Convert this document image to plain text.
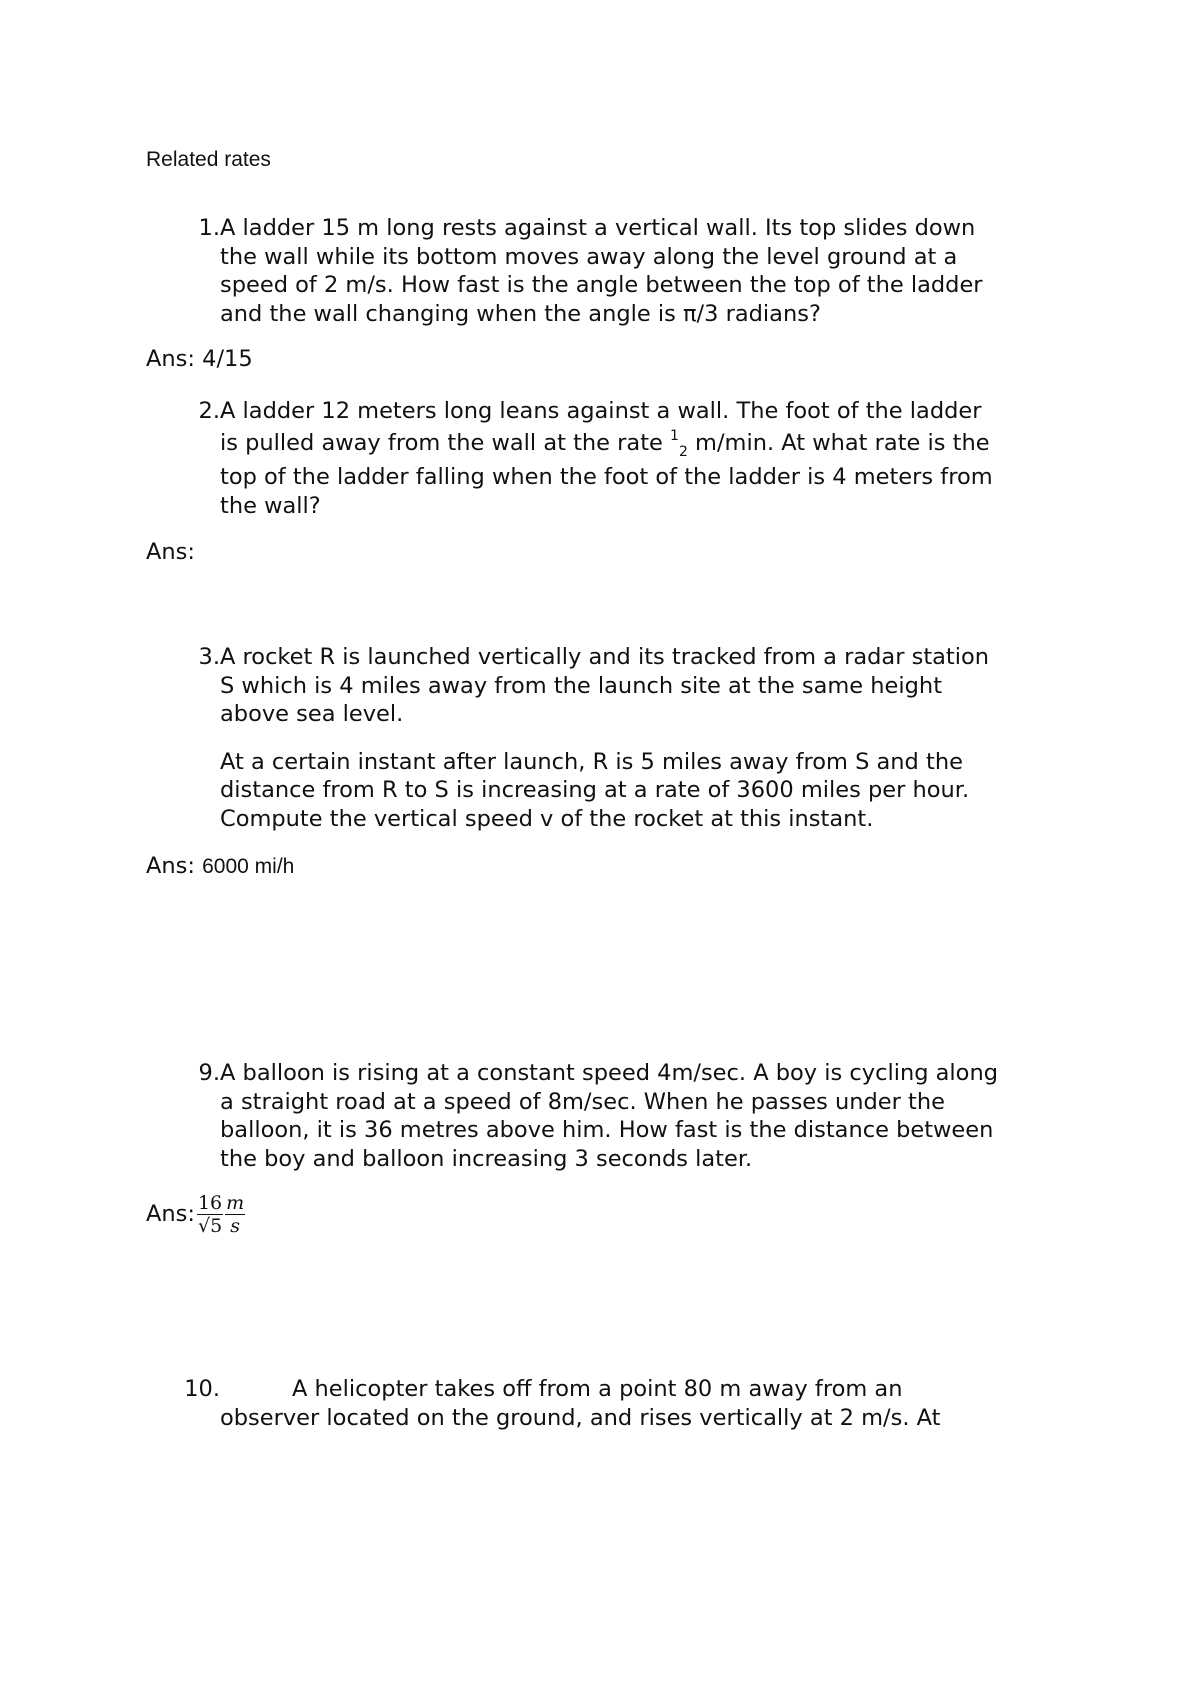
Related rates
1. A ladder 15 m long rests against a vertical wall. Its top slides down
the wall while its bottom moves away along the level ground at a
speed of 2 m/s. How fast is the angle between the top of the ladder
and the wall changing when the angle is π/3 radians?
Ans: 4/15
2. A ladder 12 meters long leans against a wall. The foot of the ladder
is pulled away from the wall at the rate $^1_2$ m/min. At what rate is the
top of the ladder falling when the foot of the ladder is 4 meters from
the wall?
Ans:
3. A rocket R is launched vertically and its tracked from a radar station
S which is 4 miles away from the launch site at the same height
above sea level.
At a certain instant after launch, R is 5 miles away from S and the
distance from R to S is increasing at a rate of 3600 miles per hour.
Compute the vertical speed v of the rocket at this instant.
Ans: 6000 mi/h
9. A balloon is rising at a constant speed 4m/sec. A boy is cycling along
a straight road at a speed of 8m/sec. When he passes under the
balloon, it is 36 metres above him. How fast is the distance between
the boy and balloon increasing 3 seconds later.
Ans: $\frac{16}{√5} \frac{m}{s}$
10.	A helicopter takes off from a point 80 m away from an
observer located on the ground, and rises vertically at 2 m/s. At
